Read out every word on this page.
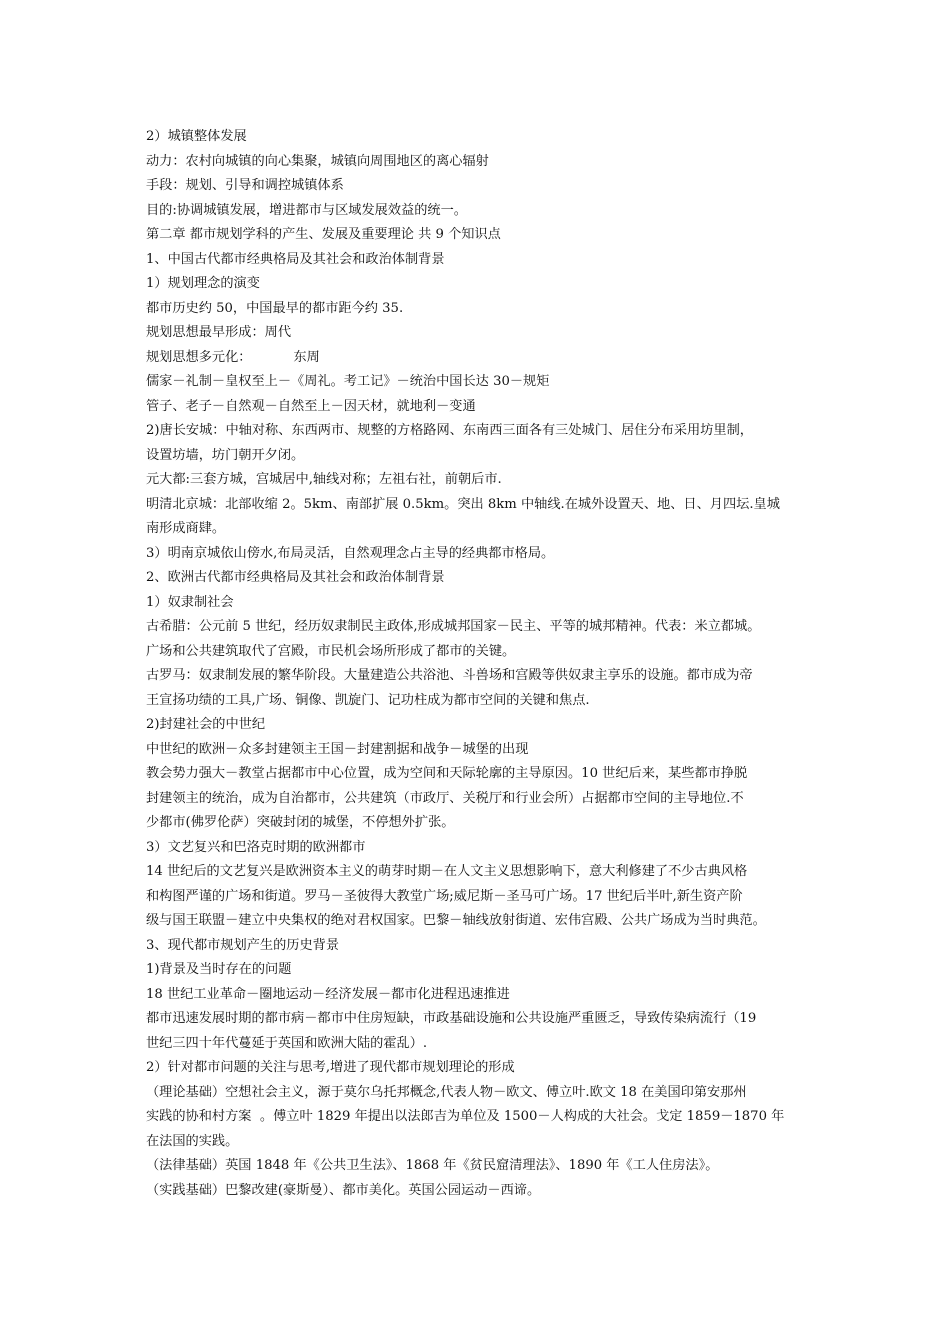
2）城镇整体发展
动力：农村向城镇的向心集聚，城镇向周围地区的离心辐射
手段：规划、引导和调控城镇体系
目的:协调城镇发展，增进都市与区域发展效益的统一。
第二章 都市规划学科的产生、发展及重要理论 共 9 个知识点
1、中国古代都市经典格局及其社会和政治体制背景
1）规划理念的演变
都市历史约 50，中国最早的都市距今约 35.
规划思想最早形成：周代
规划思想多元化：          东周
儒家－礼制－皇权至上－《周礼。考工记》－统治中国长达 30－规矩
管子、老子－自然观－自然至上－因天材，就地利－变通
2)唐长安城：中轴对称、东西两市、规整的方格路网、东南西三面各有三处城门、居住分布采用坊里制，
设置坊墙，坊门朝开夕闭。
元大都:三套方城，宫城居中,轴线对称；左祖右社，前朝后市.
明清北京城：北部收缩 2。5km、南部扩展 0.5km。突出 8km 中轴线.在城外设置天、地、日、月四坛.皇城
南形成商肆。
3）明南京城依山傍水,布局灵活，自然观理念占主导的经典都市格局。
2、欧洲古代都市经典格局及其社会和政治体制背景
1）奴隶制社会
古希腊：公元前 5 世纪，经历奴隶制民主政体,形成城邦国家－民主、平等的城邦精神。代表：米立都城。
广场和公共建筑取代了宫殿，市民机会场所形成了都市的关键。
古罗马：奴隶制发展的繁华阶段。大量建造公共浴池、斗兽场和宫殿等供奴隶主享乐的设施。都市成为帝
王宣扬功绩的工具,广场、铜像、凯旋门、记功柱成为都市空间的关键和焦点.
2)封建社会的中世纪
中世纪的欧洲－众多封建领主王国－封建割据和战争－城堡的出现
教会势力强大－教堂占据都市中心位置，成为空间和天际轮廓的主导原因。10 世纪后来，某些都市挣脱
封建领主的统治，成为自治都市，公共建筑（市政厅、关税厅和行业会所）占据都市空间的主导地位.不
少都市(佛罗伦萨）突破封闭的城堡，不停想外扩张。
3）文艺复兴和巴洛克时期的欧洲都市
14 世纪后的文艺复兴是欧洲资本主义的萌芽时期－在人文主义思想影响下，意大利修建了不少古典风格
和构图严谨的广场和街道。罗马－圣彼得大教堂广场;威尼斯－圣马可广场。17 世纪后半叶,新生资产阶
级与国王联盟－建立中央集权的绝对君权国家。巴黎－轴线放射街道、宏伟宫殿、公共广场成为当时典范。
3、现代都市规划产生的历史背景
1)背景及当时存在的问题
18 世纪工业革命－圈地运动－经济发展－都市化进程迅速推进
都市迅速发展时期的都市病－都市中住房短缺，市政基础设施和公共设施严重匮乏，导致传染病流行（19
世纪三四十年代蔓延于英国和欧洲大陆的霍乱）.
2）针对都市问题的关注与思考,增进了现代都市规划理论的形成
（理论基础）空想社会主义，源于莫尔乌托邦概念,代表人物－欧文、傅立叶.欧文 18 在美国印第安那州
实践的协和村方案  。傅立叶 1829 年提出以法郎吉为单位及 1500－人构成的大社会。戈定 1859－1870 年
在法国的实践。
（法律基础）英国 1848 年《公共卫生法》、1868 年《贫民窟清理法》、1890 年《工人住房法》。
（实践基础）巴黎改建(豪斯曼）、都市美化。英国公园运动－西谛。
